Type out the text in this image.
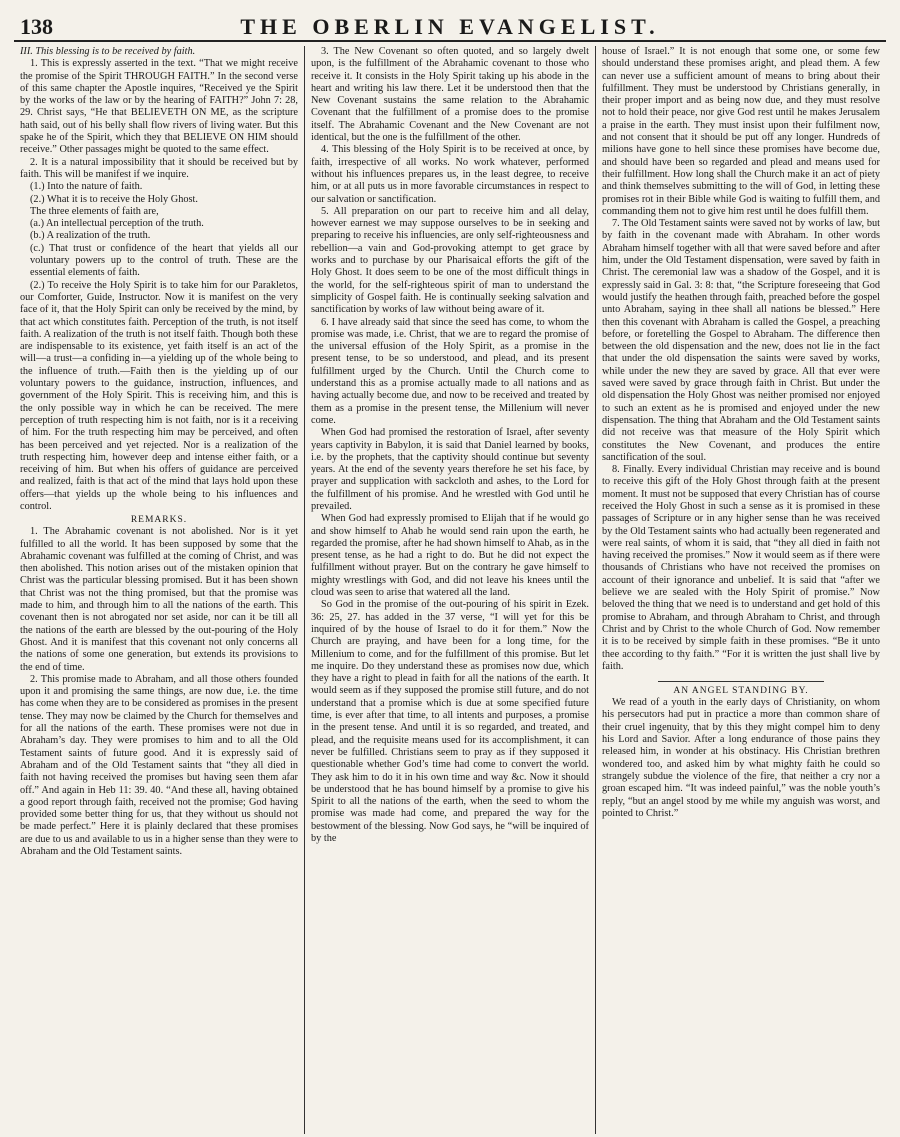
138	THE OBERLIN EVANGELIST.

III. This blessing is to be received by faith.

1. This is expressly asserted in the text. “That we might receive the promise of the Spirit THROUGH FAITH.” In the second verse of this same chapter the Apostle inquires, “Received ye the Spirit by the works of the law or by the hearing of FAITH?” John 7: 28, 29. Christ says, “He that BELIEVETH ON ME, as the scripture hath said, out of his belly shall flow rivers of living water. But this spake he of the Spirit, which they that BELIEVE ON HIM should receive.” Other passages might be quoted to the same effect.

2. It is a natural impossibility that it should be received but by faith. This will be manifest if we inquire.

(1.) Into the nature of faith.

(2.) What it is to receive the Holy Ghost.

The three elements of faith are,

(a.) An intellectual perception of the truth.

(b.) A realization of the truth.

(c.) That trust or confidence of the heart that yields all our voluntary powers up to the control of truth. These are the essential elements of faith.

(2.) To receive the Holy Spirit is to take him for our Parakletos, our Comforter, Guide, Instructor. Now it is manifest on the very face of it, that the Holy Spirit can only be received by the mind, by that act which constitutes faith. Perception of the truth, is not itself faith. A realization of the truth is not itself faith. Though both these are indispensable to its existence, yet faith itself is an act of the will—a trust—a confiding in—a yielding up of the whole being to the influence of truth.—Faith then is the yielding up of our voluntary powers to the guidance, instruction, influences, and government of the Holy Spirit. This is receiving him, and this is the only possible way in which he can be received. The mere perception of truth respecting him is not faith, nor is it a receiving of him. For the truth respecting him may be perceived, and often has been perceived and yet rejected. Nor is a realization of the truth respecting him, however deep and intense either faith, or a receiving of him. But when his offers of guidance are perceived and realized, faith is that act of the mind that lays hold upon these offers—that yields up the whole being to his influences and control.

REMARKS.

1. The Abrahamic covenant is not abolished. Nor is it yet fulfilled to all the world. It has been supposed by some that the Abrahamic covenant was fulfilled at the coming of Christ, and was then abolished. This notion arises out of the mistaken opinion that Christ was the particular blessing promised. But it has been shown that Christ was not the thing promised, but that the promise was made to him, and through him to all the nations of the earth. This covenant then is not abrogated nor set aside, nor can it be till all the nations of the earth are blessed by the out-pouring of the Holy Ghost. And it is manifest that this covenant not only concerns all the nations of some one generation, but extends its provisions to the end of time.

2. This promise made to Abraham, and all those others founded upon it and promising the same things, are now due, i.e. the time has come when they are to be considered as promises in the present tense. They may now be claimed by the Church for themselves and for all the nations of the earth. These promises were not due in Abraham’s day. They were promises to him and to all the Old Testament saints of future good. And it is expressly said of Abraham and of the Old Testament saints that “they all died in faith not having received the promises but having seen them afar off.” And again in Heb 11: 39. 40. “And these all, having obtained a good report through faith, received not the promise; God having provided some better thing for us, that they without us should not be made perfect.” Here it is plainly declared that these promises are due to us and available to us in a higher sense than they were to Abraham and the Old Testament saints.

3. The New Covenant so often quoted, and so largely dwelt upon, is the fulfillment of the Abrahamic covenant to those who receive it. It consists in the Holy Spirit taking up his abode in the heart and writing his law there. Let it be understood then that the New Covenant sustains the same relation to the Abrahamic Covenant that the fulfillment of a promise does to the promise itself. The Abrahamic Covenant and the New Covenant are not identical, but the one is the fulfillment of the other.

4. This blessing of the Holy Spirit is to be received at once, by faith, irrespective of all works. No work whatever, performed without his influences prepares us, in the least degree, to receive him, or at all puts us in more favorable circumstances in respect to our salvation or sanctification.

5. All preparation on our part to receive him and all delay, however earnest we may suppose ourselves to be in seeking and preparing to receive his influencies, are only self-righteousness and rebellion—a vain and God-provoking attempt to get grace by works and to purchase by our Pharisaical efforts the gift of the Holy Ghost. It does seem to be one of the most difficult things in the world, for the self-righteous spirit of man to understand the simplicity of Gospel faith. He is continually seeking salvation and sanctification by works of law without being aware of it.

6. I have already said that since the seed has come, to whom the promise was made, i.e. Christ, that we are to regard the promise of the universal effusion of the Holy Spirit, as a promise in the present tense, to be so understood, and plead, and its present fulfillment urged by the Church. Until the Church come to understand this as a promise actually made to all nations and as having actually become due, and now to be received and treated by them as a promise in the present tense, the Millenium will never come.

When God had promised the restoration of Israel, after seventy years captivity in Babylon, it is said that Daniel learned by books, i.e. by the prophets, that the captivity should continue but seventy years. At the end of the seventy years therefore he set his face, by prayer and supplication with sackcloth and ashes, to the Lord for the fulfillment of his promise. And he wrestled with God until he prevailed.

When God had expressly promised to Elijah that if he would go and show himself to Ahab he would send rain upon the earth, he regarded the promise, after he had shown himself to Ahab, as in the present tense, as he had a right to do. But he did not expect the fulfillment without prayer. But on the contrary he gave himself to mighty wrestlings with God, and did not leave his knees until the cloud was seen to arise that watered all the land.

So God in the promise of the out-pouring of his spirit in Ezek. 36: 25, 27. has added in the 37 verse, “I will yet for this be inquired of by the house of Israel to do it for them.” Now the Church are praying, and have been for a long time, for the Millenium to come, and for the fulfillment of this promise. But let me inquire. Do they understand these as promises now due, which they have a right to plead in faith for all the nations of the earth. It would seem as if they supposed the promise still future, and do not understand that a promise which is due at some specified future time, is ever after that time, to all intents and purposes, a promise in the present tense. And until it is so regarded, and treated, and plead, and the requisite means used for its accomplishment, it can never be fulfilled. Christians seem to pray as if they supposed it questionable whether God’s time had come to convert the world. They ask him to do it in his own time and way &c. Now it should be understood that he has bound himself by a promise to give his Spirit to all the nations of the earth, when the seed to whom the promise was made had come, and prepared the way for the bestowment of the blessing. Now God says, he “will be inquired of by the

house of Israel.” It is not enough that some one, or some few should understand these promises aright, and plead them. A few can never use a sufficient amount of means to bring about their fulfillment. They must be understood by Christians generally, in their proper import and as being now due, and they must resolve not to hold their peace, nor give God rest until he makes Jerusalem a praise in the earth. They must insist upon their fulfilment now, and not consent that it should be put off any longer. Hundreds of milions have gone to hell since these promises have become due, and should have been so regarded and plead and means used for their fulfillment. How long shall the Church make it an act of piety and think themselves submitting to the will of God, in letting these promises rot in their Bible while God is waiting to fulfill them, and commanding them not to give him rest until he does fulfill them.

7. The Old Testament saints were saved not by works of law, but by faith in the covenant made with Abraham. In other words Abraham himself together with all that were saved before and after him, under the Old Testament dispensation, were saved by faith in Christ. The ceremonial law was a shadow of the Gospel, and it is expressly said in Gal. 3: 8: that, “the Scripture foreseeing that God would justify the heathen through faith, preached before the gospel unto Abraham, saying in thee shall all nations be blessed.” Here then this covenant with Abraham is called the Gospel, a preaching before, or foretelling the Gospel to Abraham. The difference then between the old dispensation and the new, does not lie in the fact that under the old dispensation the saints were saved by works, while under the new they are saved by grace. All that ever were saved were saved by grace through faith in Christ. But under the old dispensation the Holy Ghost was neither promised nor enjoyed to such an extent as he is promised and enjoyed under the new dispensation. The thing that Abraham and the Old Testament saints did not receive was that measure of the Holy Spirit which constitutes the New Covenant, and produces the entire sanctification of the soul.

8. Finally. Every individual Christian may receive and is bound to receive this gift of the Holy Ghost through faith at the present moment. It must not be supposed that every Christian has of course received the Holy Ghost in such a sense as it is promised in these passages of Scripture or in any higher sense than he was received by the Old Testament saints who had actually been regenerated and were real saints, of whom it is said, that “they all died in faith not having received the promises.” Now it would seem as if there were thousands of Christians who have not received the promises on account of their ignorance and unbelief. It is said that “after we believe we are sealed with the Holy Spirit of promise.” Now beloved the thing that we need is to understand and get hold of this promise to Abraham, and through Abraham to Christ, and through Christ and by Christ to the whole Church of God. Now remember it is to be received by simple faith in these promises. “Be it unto thee according to thy faith.” “For it is written the just shall live by faith.

AN ANGEL STANDING BY.

We read of a youth in the early days of Christianity, on whom his persecutors had put in practice a more than common share of their cruel ingenuity, that by this they might compel him to deny his Lord and Savior. After a long endurance of those pains they released him, in wonder at his obstinacy. His Christian brethren wondered too, and asked him by what mighty faith he could so strangely subdue the violence of the fire, that neither a cry nor a groan escaped him. “It was indeed painful,” was the noble youth’s reply, “but an angel stood by me while my anguish was worst, and pointed to Christ.”
